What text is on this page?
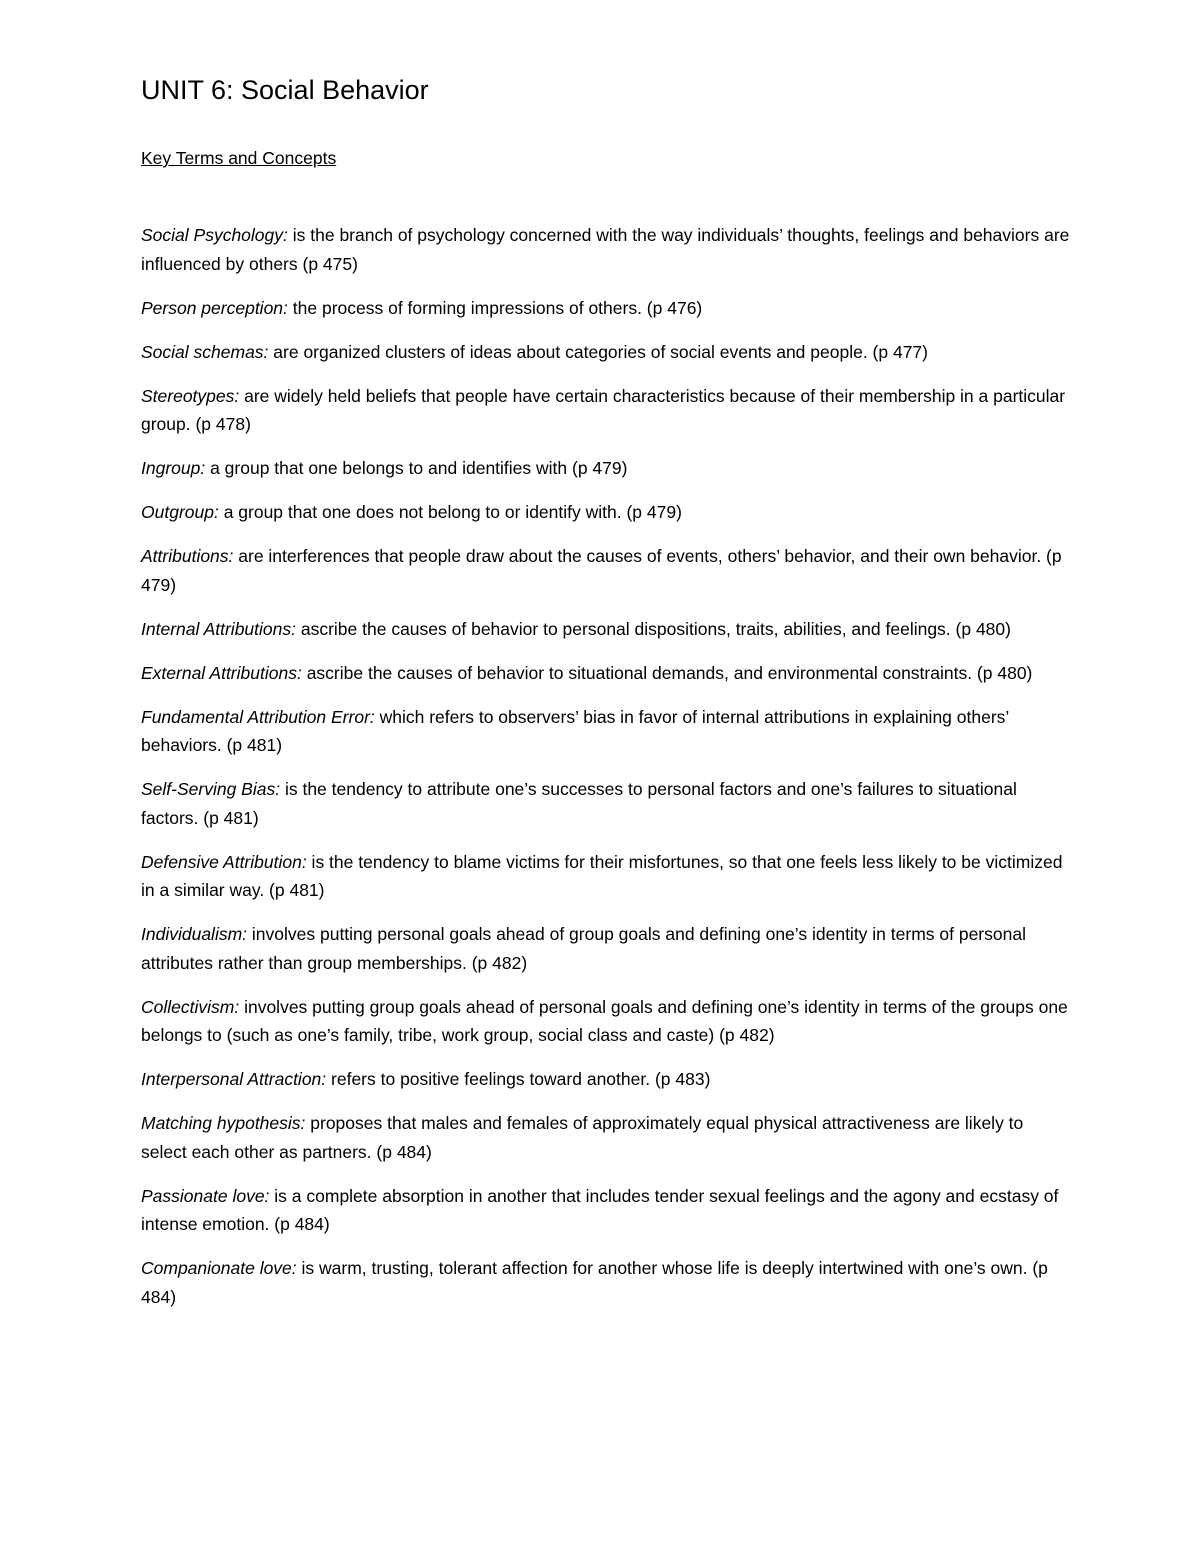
UNIT 6: Social Behavior
Key Terms and Concepts

Social Psychology: is the branch of psychology concerned with the way individuals’ thoughts, feelings and behaviors are influenced by others (p 475)

Person perception: the process of forming impressions of others. (p 476)

Social schemas: are organized clusters of ideas about categories of social events and people. (p 477)

Stereotypes: are widely held beliefs that people have certain characteristics because of their membership in a particular group. (p 478)

Ingroup: a group that one belongs to and identifies with (p 479)

Outgroup: a group that one does not belong to or identify with. (p 479)

Attributions: are interferences that people draw about the causes of events, others’ behavior, and their own behavior. (p 479)

Internal Attributions: ascribe the causes of behavior to personal dispositions, traits, abilities, and feelings. (p 480)

External Attributions: ascribe the causes of behavior to situational demands, and environmental constraints. (p 480)

Fundamental Attribution Error: which refers to observers’ bias in favor of internal attributions in explaining others’ behaviors. (p 481)

Self-Serving Bias: is the tendency to attribute one’s successes to personal factors and one’s failures to situational factors. (p 481)

Defensive Attribution: is the tendency to blame victims for their misfortunes, so that one feels less likely to be victimized in a similar way. (p 481)

Individualism: involves putting personal goals ahead of group goals and defining one’s identity in terms of personal attributes rather than group memberships. (p 482)

Collectivism: involves putting group goals ahead of personal goals and defining one’s identity in terms of the groups one belongs to (such as one’s family, tribe, work group, social class and caste) (p 482)

Interpersonal Attraction: refers to positive feelings toward another. (p 483)

Matching hypothesis: proposes that males and females of approximately equal physical attractiveness are likely to select each other as partners. (p 484)

Passionate love: is a complete absorption in another that includes tender sexual feelings and the agony and ecstasy of intense emotion. (p 484)

Companionate love: is warm, trusting, tolerant affection for another whose life is deeply intertwined with one’s own. (p 484)
